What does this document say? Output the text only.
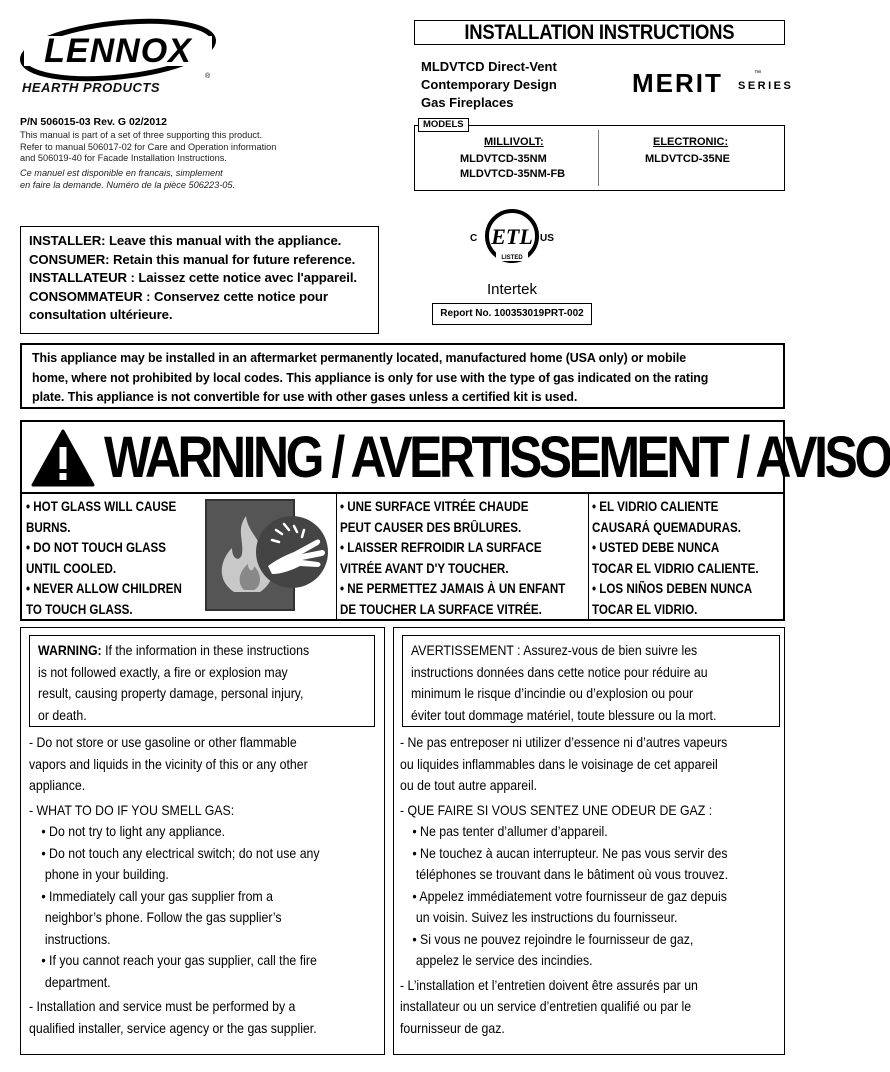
LENNOX
®
HEARTH PRODUCTS
P/N 506015-03 Rev. G 02/2012
This manual is part of a set of three supporting this product.
Refer to manual 506017-02 for Care and Operation information
and 506019-40 for Facade Installation Instructions.
Ce manuel est disponible en francais, simplement
en faire la demande. Numéro de la pièce 506223-05.
INSTALLATION INSTRUCTIONS
MLDVTCD Direct-Vent
Contemporary Design
Gas Fireplaces
MERIT	™
SERIES
MODELS
MILLIVOLT:
MLDVTCD-35NM
MLDVTCD-35NM-FB
ELECTRONIC:
MLDVTCD-35NE
ETL
LISTED
C	US
Intertek
Report No. 100353019PRT-002
INSTALLER: Leave this manual with the appliance.
CONSUMER: Retain this manual for future reference.
INSTALLATEUR : Laissez cette notice avec l'appareil.
CONSOMMATEUR : Conservez cette notice pour
consultation ultérieure.
This appliance may be installed in an aftermarket permanently located, manufactured home (USA only) or mobile
home, where not prohibited by local codes. This appliance is only for use with the type of gas indicated on the rating
plate. This appliance is not convertible for use with other gases unless a certified kit is used.
WARNING / AVERTISSEMENT / AVISO
• HOT GLASS WILL CAUSE
BURNS.
• DO NOT TOUCH GLASS
UNTIL COOLED.
• NEVER ALLOW CHILDREN
TO TOUCH GLASS.
• UNE SURFACE VITRÉE CHAUDE
PEUT CAUSER DES BRÛLURES.
• LAISSER REFROIDIR LA SURFACE
VITRÉE AVANT D'Y TOUCHER.
• NE PERMETTEZ JAMAIS À UN ENFANT
DE TOUCHER LA SURFACE VITRÉE.
• EL VIDRIO CALIENTE
CAUSARÁ QUEMADURAS.
• USTED DEBE NUNCA
TOCAR EL VIDRIO CALIENTE.
• LOS NIÑOS DEBEN NUNCA
TOCAR EL VIDRIO.
WARNING: If the information in these instructions
is not followed exactly, a fire or explosion may
result, causing property damage, personal injury,
or death.
- Do not store or use gasoline or other flammable
vapors and liquids in the vicinity of this or any other
appliance.
- WHAT TO DO IF YOU SMELL GAS:
• Do not try to light any appliance.
• Do not touch any electrical switch; do not use any
phone in your building.
• Immediately call your gas supplier from a
neighbor’s phone. Follow the gas supplier’s
instructions.
• If you cannot reach your gas supplier, call the fire
department.
- Installation and service must be performed by a
qualified installer, service agency or the gas supplier.
AVERTISSEMENT : Assurez-vous de bien suivre les
instructions données dans cette notice pour réduire au
minimum le risque d’incindie ou d’explosion ou pour
éviter tout dommage matériel, toute blessure ou la mort.
- Ne pas entreposer ni utilizer d’essence ni d’autres vapeurs
ou liquides inflammables dans le voisinage de cet appareil
ou de tout autre appareil.
- QUE FAIRE SI VOUS SENTEZ UNE ODEUR DE GAZ :
• Ne pas tenter d’allumer d’appareil.
• Ne touchez à aucan interrupteur. Ne pas vous servir des
téléphones se trouvant dans le bâtiment où vous trouvez.
• Appelez immédiatement votre fournisseur de gaz depuis
un voisin. Suivez les instructions du fournisseur.
• Si vous ne pouvez rejoindre le fournisseur de gaz,
appelez le service des incindies.
- L’installation et l’entretien doivent être assurés par un
installateur ou un service d’entretien qualifié ou par le
fournisseur de gaz.
